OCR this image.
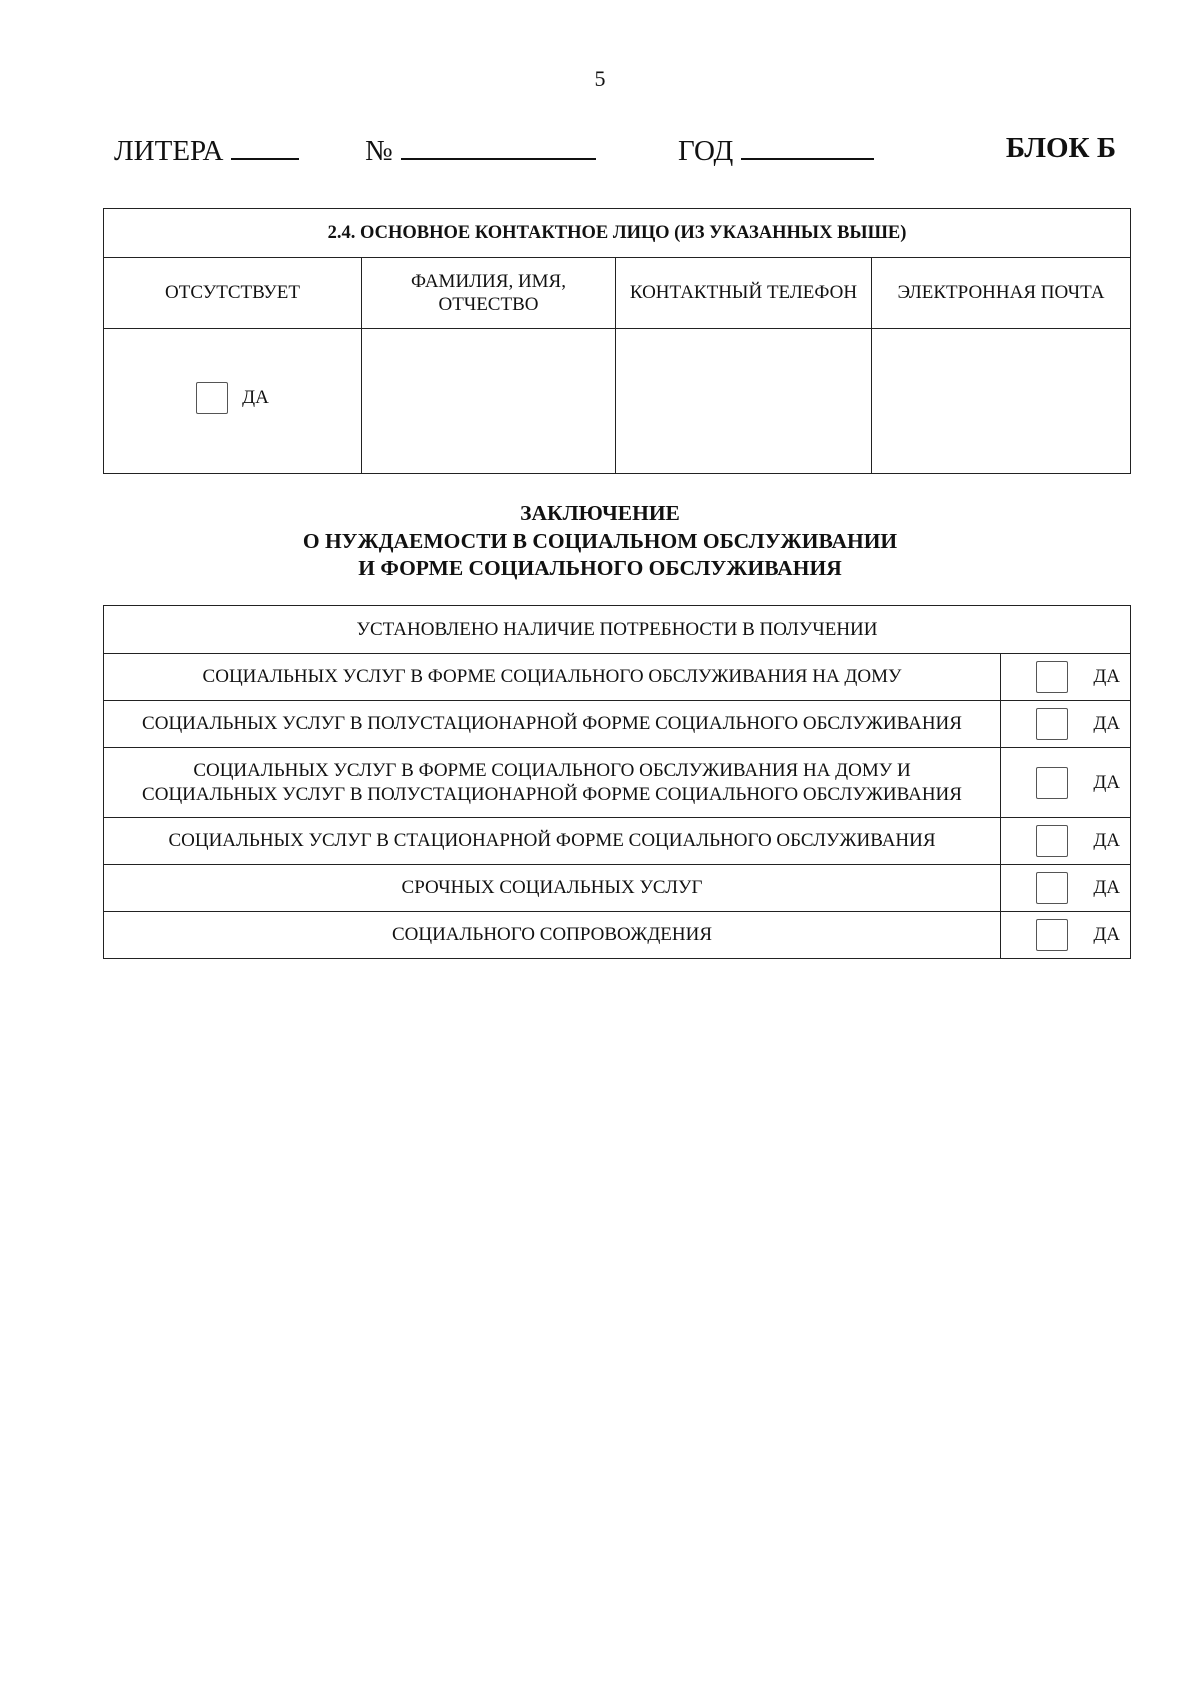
5
ЛИТЕРА	№	ГОД	БЛОК Б
2.4. ОСНОВНОЕ КОНТАКТНОЕ ЛИЦО (ИЗ УКАЗАННЫХ ВЫШЕ)			
ОТСУТСТВУЕТ	ФАМИЛИЯ, ИМЯ, ОТЧЕСТВО	КОНТАКТНЫЙ ТЕЛЕФОН	ЭЛЕКТРОННАЯ ПОЧТА

ДА			

ЗАКЛЮЧЕНИЕ
О НУЖДАЕМОСТИ В СОЦИАЛЬНОМ ОБСЛУЖИВАНИИ
И ФОРМЕ СОЦИАЛЬНОГО ОБСЛУЖИВАНИЯ
УСТАНОВЛЕНО НАЛИЧИЕ ПОТРЕБНОСТИ В ПОЛУЧЕНИИ	
СОЦИАЛЬНЫХ УСЛУГ В ФОРМЕ СОЦИАЛЬНОГО ОБСЛУЖИВАНИЯ НА ДОМУ	ДА

СОЦИАЛЬНЫХ УСЛУГ В ПОЛУСТАЦИОНАРНОЙ ФОРМЕ СОЦИАЛЬНОГО ОБСЛУЖИВАНИЯ	ДА

СОЦИАЛЬНЫХ УСЛУГ В ФОРМЕ СОЦИАЛЬНОГО ОБСЛУЖИВАНИЯ НА ДОМУ И
СОЦИАЛЬНЫХ УСЛУГ В ПОЛУСТАЦИОНАРНОЙ ФОРМЕ СОЦИАЛЬНОГО ОБСЛУЖИВАНИЯ	ДА

СОЦИАЛЬНЫХ УСЛУГ В СТАЦИОНАРНОЙ ФОРМЕ СОЦИАЛЬНОГО ОБСЛУЖИВАНИЯ	ДА

СРОЧНЫХ СОЦИАЛЬНЫХ УСЛУГ	ДА

СОЦИАЛЬНОГО СОПРОВОЖДЕНИЯ	ДА
